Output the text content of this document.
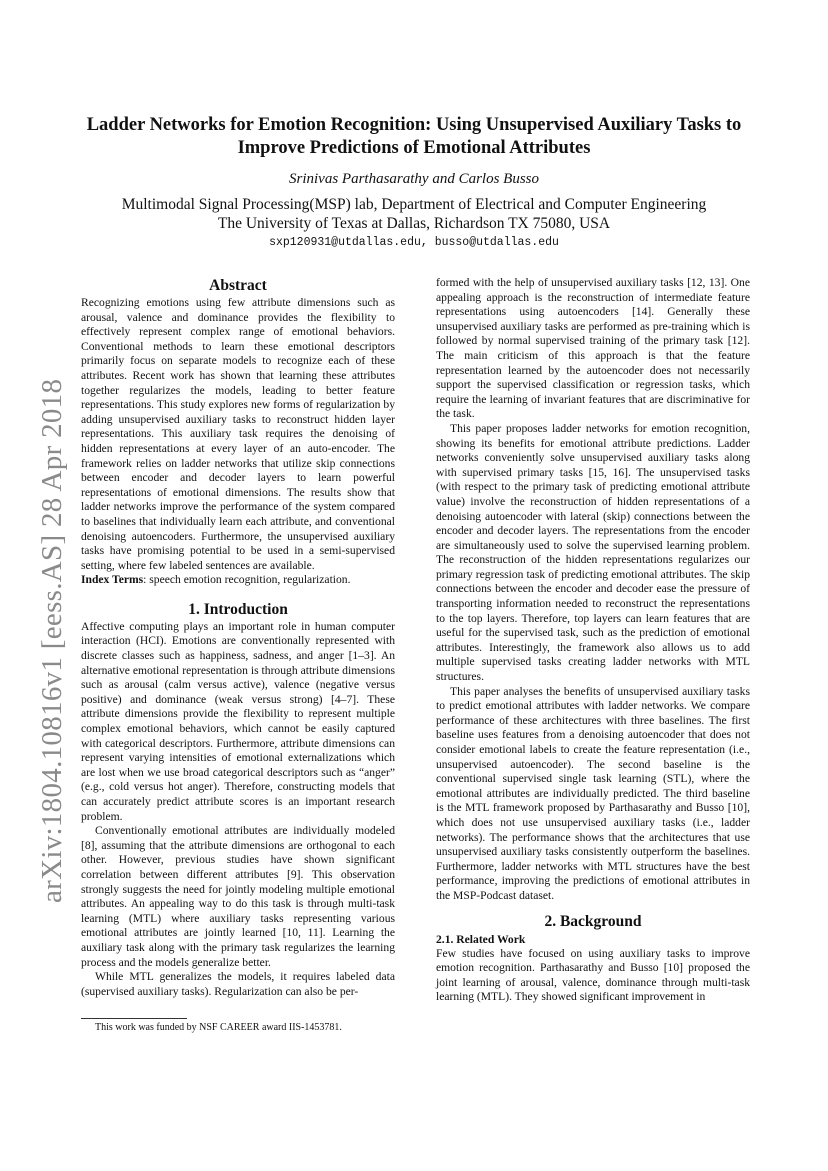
arXiv:1804.10816v1 [eess.AS] 28 Apr 2018
Ladder Networks for Emotion Recognition: Using Unsupervised Auxiliary Tasks to Improve Predictions of Emotional Attributes
Srinivas Parthasarathy and Carlos Busso
Multimodal Signal Processing(MSP) lab, Department of Electrical and Computer Engineering
The University of Texas at Dallas, Richardson TX 75080, USA
sxp120931@utdallas.edu, busso@utdallas.edu
Abstract

Recognizing emotions using few attribute dimensions such as arousal, valence and dominance provides the flexibility to effectively represent complex range of emotional behaviors. Conventional methods to learn these emotional descriptors primarily focus on separate models to recognize each of these attributes. Recent work has shown that learning these attributes together regularizes the models, leading to better feature representations. This study explores new forms of regularization by adding unsupervised auxiliary tasks to reconstruct hidden layer representations. This auxiliary task requires the denoising of hidden representations at every layer of an auto-encoder. The framework relies on ladder networks that utilize skip connections between encoder and decoder layers to learn powerful representations of emotional dimensions. The results show that ladder networks improve the performance of the system compared to baselines that individually learn each attribute, and conventional denoising autoencoders. Furthermore, the unsupervised auxiliary tasks have promising potential to be used in a semi-supervised setting, where few labeled sentences are available.

Index Terms: speech emotion recognition, regularization.

1. Introduction

Affective computing plays an important role in human computer interaction (HCI). Emotions are conventionally represented with discrete classes such as happiness, sadness, and anger [1–3]. An alternative emotional representation is through attribute dimensions such as arousal (calm versus active), valence (negative versus positive) and dominance (weak versus strong) [4–7]. These attribute dimensions provide the flexibility to represent multiple complex emotional behaviors, which cannot be easily captured with categorical descriptors. Furthermore, attribute dimensions can represent varying intensities of emotional externalizations which are lost when we use broad categorical descriptors such as “anger” (e.g., cold versus hot anger). Therefore, constructing models that can accurately predict attribute scores is an important research problem.

Conventionally emotional attributes are individually modeled [8], assuming that the attribute dimensions are orthogonal to each other. However, previous studies have shown significant correlation between different attributes [9]. This observation strongly suggests the need for jointly modeling multiple emotional attributes. An appealing way to do this task is through multi-task learning (MTL) where auxiliary tasks representing various emotional attributes are jointly learned [10, 11]. Learning the auxiliary task along with the primary task regularizes the learning process and the models generalize better.

While MTL generalizes the models, it requires labeled data (supervised auxiliary tasks). Regularization can also be per-

formed with the help of unsupervised auxiliary tasks [12, 13]. One appealing approach is the reconstruction of intermediate feature representations using autoencoders [14]. Generally these unsupervised auxiliary tasks are performed as pre-training which is followed by normal supervised training of the primary task [12]. The main criticism of this approach is that the feature representation learned by the autoencoder does not necessarily support the supervised classification or regression tasks, which require the learning of invariant features that are discriminative for the task.

This paper proposes ladder networks for emotion recognition, showing its benefits for emotional attribute predictions. Ladder networks conveniently solve unsupervised auxiliary tasks along with supervised primary tasks [15, 16]. The unsupervised tasks (with respect to the primary task of predicting emotional attribute value) involve the reconstruction of hidden representations of a denoising autoencoder with lateral (skip) connections between the encoder and decoder layers. The representations from the encoder are simultaneously used to solve the supervised learning problem. The reconstruction of the hidden representations regularizes our primary regression task of predicting emotional attributes. The skip connections between the encoder and decoder ease the pressure of transporting information needed to reconstruct the representations to the top layers. Therefore, top layers can learn features that are useful for the supervised task, such as the prediction of emotional attributes. Interestingly, the framework also allows us to add multiple supervised tasks creating ladder networks with MTL structures.

This paper analyses the benefits of unsupervised auxiliary tasks to predict emotional attributes with ladder networks. We compare performance of these architectures with three baselines. The first baseline uses features from a denoising autoencoder that does not consider emotional labels to create the feature representation (i.e., unsupervised autoencoder). The second baseline is the conventional supervised single task learning (STL), where the emotional attributes are individually predicted. The third baseline is the MTL framework proposed by Parthasarathy and Busso [10], which does not use unsupervised auxiliary tasks (i.e., ladder networks). The performance shows that the architectures that use unsupervised auxiliary tasks consistently outperform the baselines. Furthermore, ladder networks with MTL structures have the best performance, improving the predictions of emotional attributes in the MSP-Podcast dataset.

2. Background
2.1. Related Work

Few studies have focused on using auxiliary tasks to improve emotion recognition. Parthasarathy and Busso [10] proposed the joint learning of arousal, valence, dominance through multi-task learning (MTL). They showed significant improvement in

This work was funded by NSF CAREER award IIS-1453781.
